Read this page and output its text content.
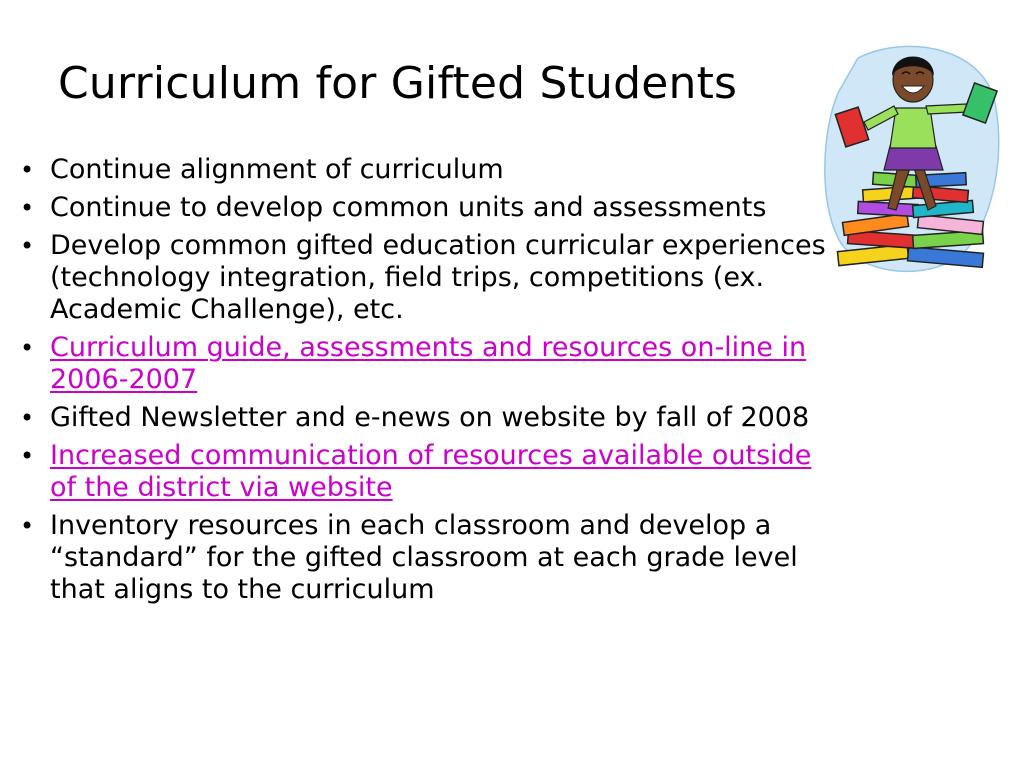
Curriculum for Gifted Students
• Continue alignment of curriculum
• Continue to develop common units and assessments
• Develop common gifted education curricular experiences (technology integration, field trips, competitions (ex. Academic Challenge), etc.
• Curriculum guide, assessments and resources on-line in 2006-2007
• Gifted Newsletter and e-news on website by fall of 2008
• Increased communication of resources available outside of the district via website
• Inventory resources in each classroom and develop a “standard” for the gifted classroom at each grade level that aligns to the curriculum
